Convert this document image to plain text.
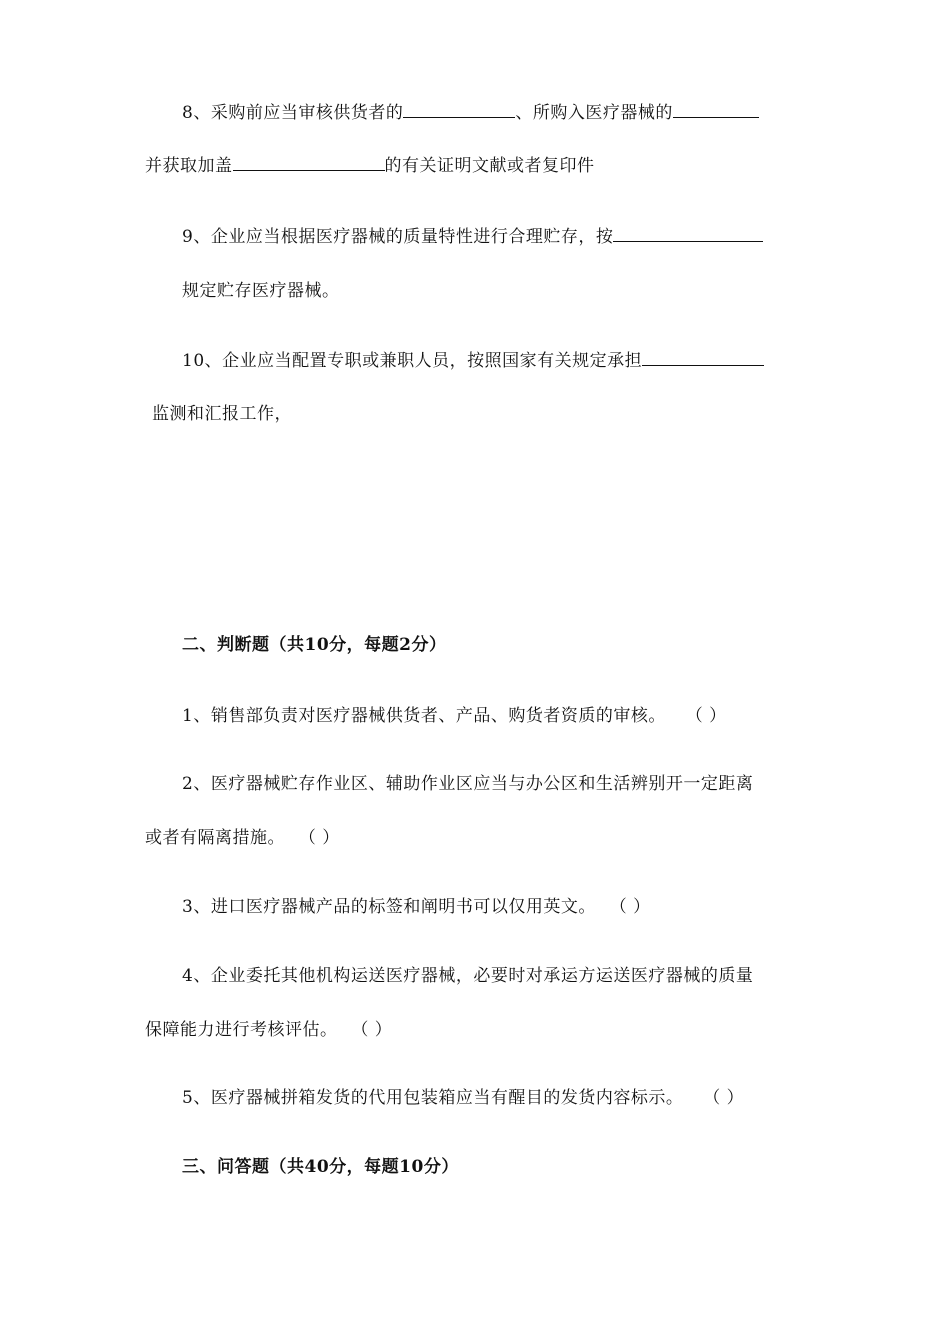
8、采购前应当审核供货者的	、所购入医疗器械的
并获取加盖	的有关证明文献或者复印件
9、企业应当根据医疗器械的质量特性进行合理贮存，按
规定贮存医疗器械。
10、企业应当配置专职或兼职人员，按照国家有关规定承担
监测和汇报工作，
二、判断题（共10分，每题2分）
1、销售部负责对医疗器械供货者、产品、购货者资质的审核。 （ ）
2、医疗器械贮存作业区、辅助作业区应当与办公区和生活辨别开一定距离
或者有隔离措施。 （ ）
3、进口医疗器械产品的标签和阐明书可以仅用英文。 （ ）
4、企业委托其他机构运送医疗器械，必要时对承运方运送医疗器械的质量
保障能力进行考核评估。 （ ）
5、医疗器械拼箱发货的代用包装箱应当有醒目的发货内容标示。 （ ）
三、问答题（共40分，每题10分）
